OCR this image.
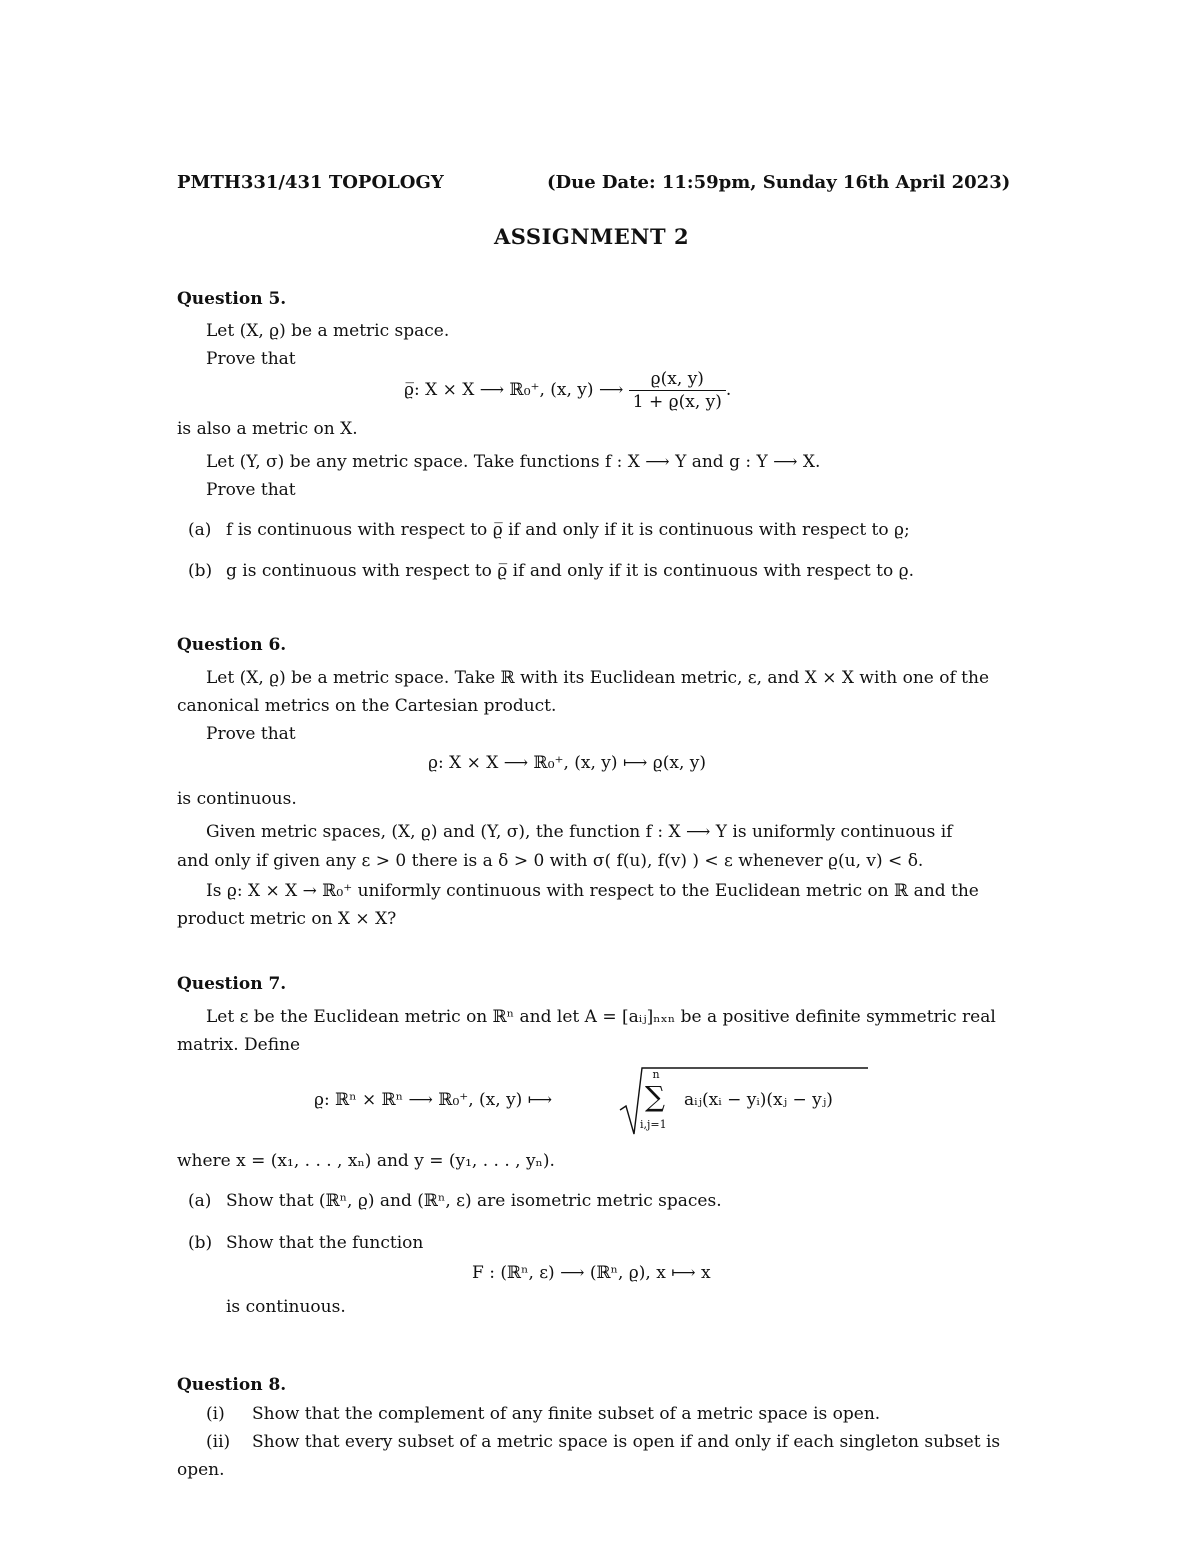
PMTH331/431 TOPOLOGY	(Due Date: 11:59pm, Sunday 16th April 2023)
ASSIGNMENT 2
Question 5.
Let (X, ϱ) be a metric space.
Prove that
ϱ̅: X × X ⟶ ℝ₀⁺, (x, y) ⟶ $\frac{ϱ(x, y)}{1 + ϱ(x, y)}$ .
is also a metric on X.
Let (Y, σ) be any metric space. Take functions f : X ⟶ Y and g : Y ⟶ X.
Prove that
(a) f is continuous with respect to ϱ̅ if and only if it is continuous with respect to ϱ;
(b) g is continuous with respect to ϱ̅ if and only if it is continuous with respect to ϱ.
Question 6.
Let (X, ϱ) be a metric space. Take ℝ with its Euclidean metric, ε, and X × X with one of the
canonical metrics on the Cartesian product.
Prove that
ϱ: X × X ⟶ ℝ₀⁺, (x, y) ⟼ ϱ(x, y)
is continuous.
Given metric spaces, (X, ϱ) and (Y, σ), the function f : X ⟶ Y is uniformly continuous if
and only if given any ε > 0 there is a δ > 0 with σ( f(u), f(v) ) < ε whenever ϱ(u, v) < δ.
Is ϱ: X × X → ℝ₀⁺ uniformly continuous with respect to the Euclidean metric on ℝ and the
product metric on X × X?
Question 7.
Let ε be the Euclidean metric on ℝⁿ and let A = [aᵢⱼ]ₙₓₙ be a positive definite symmetric real
matrix. Define
ϱ: ℝⁿ × ℝⁿ ⟶ ℝ₀⁺, (x, y) ⟼
n
∑
i,j=1
aᵢⱼ(xᵢ − yᵢ)(xⱼ − yⱼ)
where x = (x₁, . . . , xₙ) and y = (y₁, . . . , yₙ).
(a) Show that (ℝⁿ, ϱ) and (ℝⁿ, ε) are isometric metric spaces.
(b) Show that the function
F : (ℝⁿ, ε) ⟶ (ℝⁿ, ϱ), x ⟼ x
is continuous.
Question 8.
(i) Show that the complement of any finite subset of a metric space is open.
(ii) Show that every subset of a metric space is open if and only if each singleton subset is
open.
